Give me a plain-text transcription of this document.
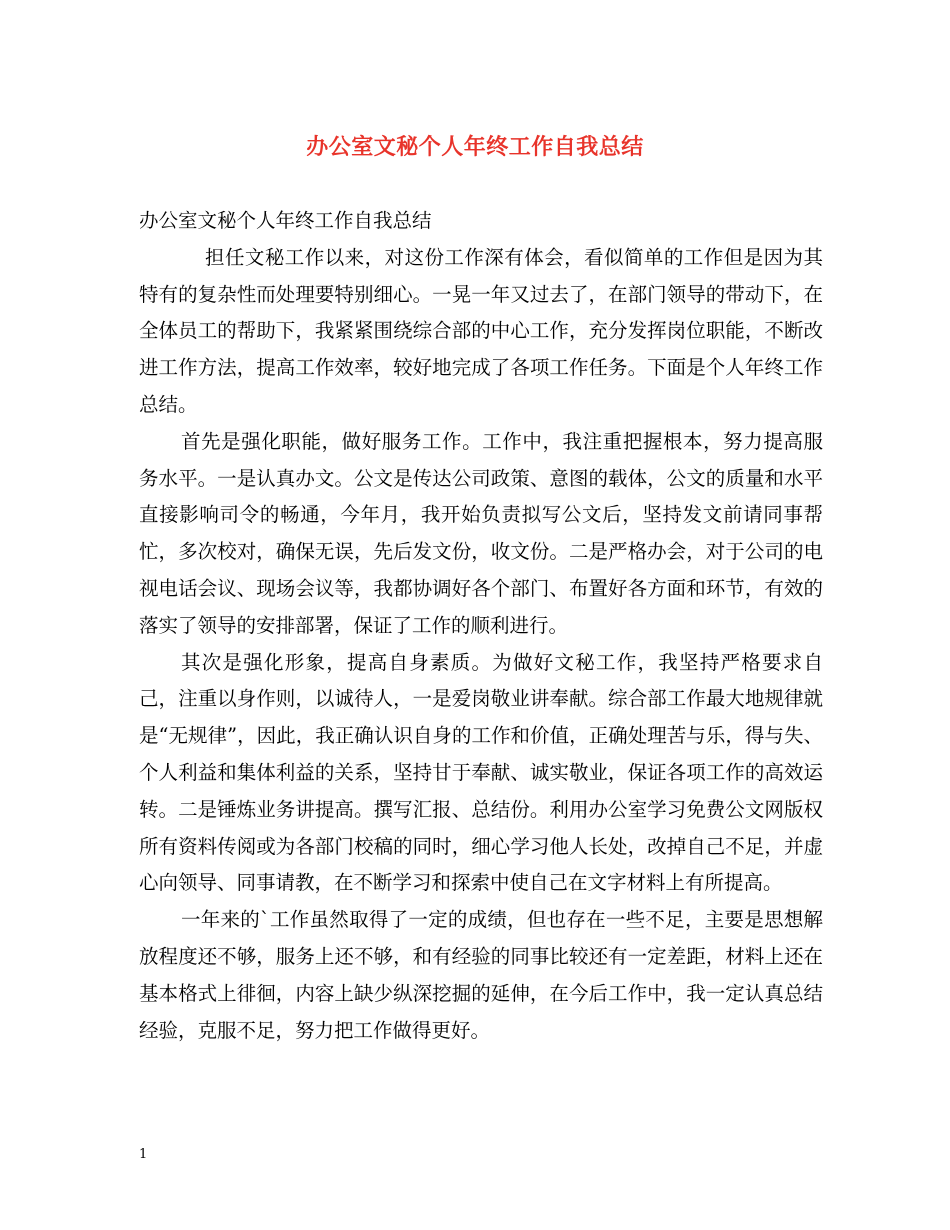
办公室文秘个人年终工作自我总结

办公室文秘个人年终工作自我总结

担任文秘工作以来，对这份工作深有体会，看似简单的工作但是因为其特有的复杂性而处理要特别细心。一晃一年又过去了，在部门领导的带动下，在全体员工的帮助下，我紧紧围绕综合部的中心工作，充分发挥岗位职能，不断改进工作方法，提高工作效率，较好地完成了各项工作任务。下面是个人年终工作总结。

首先是强化职能，做好服务工作。工作中，我注重把握根本，努力提高服务水平。一是认真办文。公文是传达公司政策、意图的载体，公文的质量和水平直接影响司令的畅通，今年月，我开始负责拟写公文后，坚持发文前请同事帮忙，多次校对，确保无误，先后发文份，收文份。二是严格办会，对于公司的电视电话会议、现场会议等，我都协调好各个部门、布置好各方面和环节，有效的落实了领导的安排部署，保证了工作的顺利进行。

其次是强化形象，提高自身素质。为做好文秘工作，我坚持严格要求自己，注重以身作则，以诚待人，一是爱岗敬业讲奉献。综合部工作最大地规律就是“无规律”，因此，我正确认识自身的工作和价值，正确处理苦与乐，得与失、个人利益和集体利益的关系，坚持甘于奉献、诚实敬业，保证各项工作的高效运转。二是锤炼业务讲提高。撰写汇报、总结份。利用办公室学习免费公文网版权所有资料传阅或为各部门校稿的同时，细心学习他人长处，改掉自己不足，并虚心向领导、同事请教，在不断学习和探索中使自己在文字材料上有所提高。

一年来的`工作虽然取得了一定的成绩，但也存在一些不足，主要是思想解放程度还不够，服务上还不够，和有经验的同事比较还有一定差距，材料上还在基本格式上徘徊，内容上缺少纵深挖掘的延伸，在今后工作中，我一定认真总结经验，克服不足，努力把工作做得更好。

1
